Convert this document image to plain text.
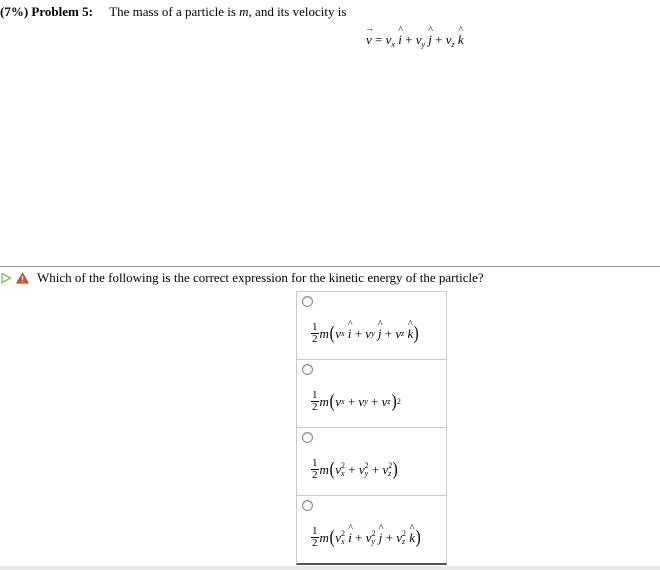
(7%) Problem 5: The mass of a particle is m, and its velocity is
→ $v = v_x$ ^ $i + v_y$ ^ $j + v_z$ ^ k
Which of the following is the correct expression for the kinetic energy of the particle?
$\frac{1}{2}$ m ( v x
^ i
+
v y
^ j
+
v z
^ k )
$\frac{1}{2}$ m ( v x
+
v y
+
v z ) 2
$\frac{1}{2}$ m ( v 2
x
+
v 2
y
+
v 2
z )
$\frac{1}{2}$ m ( v 2
x
^ i
+
v 2
y
^ j
+
v 2
z
^ k )
